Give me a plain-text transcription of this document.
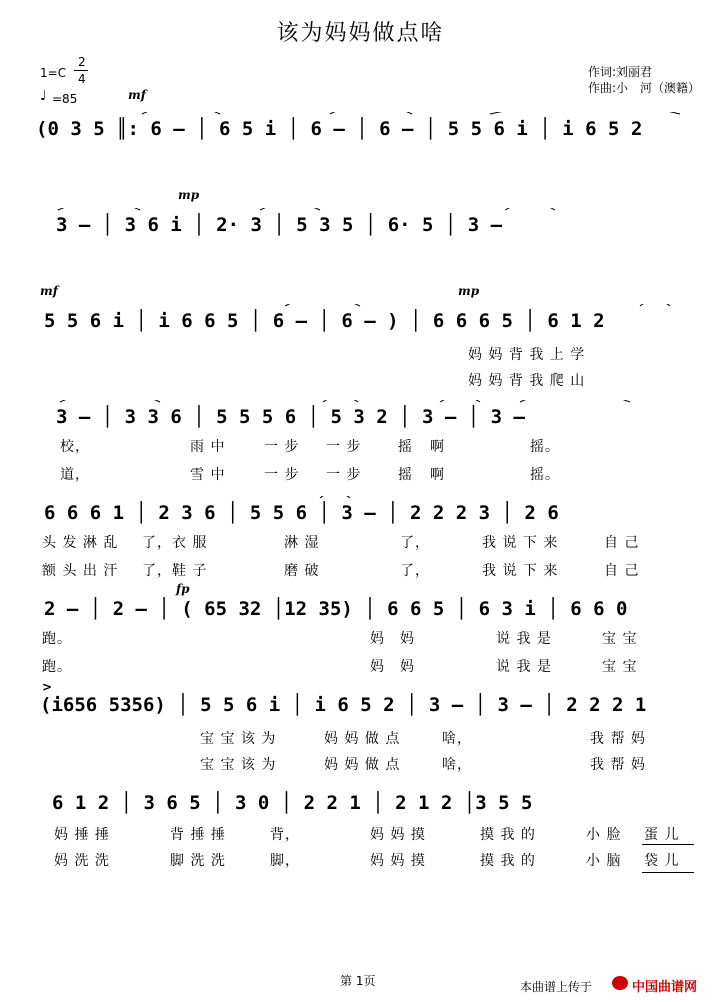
该为妈妈做点啥
1=C
2
4
♩ =85
作词:刘丽君
作曲:小　河（澳籍）
mf
(0 3 5 ║: 6 – │ 6 5 i │ 6 – │ 6 – │ 5 5 6 i │ i 6 5 2
mp
3 – │ 3 6 i │ 2· 3 │ 5 3 5 │ 6· 5 │ 3 –
mf	mp
5 5 6 i │ i 6 6 5 │ 6 – │ 6 – ) │ 6 6 6 5 │ 6 1 2
妈 妈 背 我 上 学
妈 妈 背 我 爬 山
3 – │ 3 3 6 │ 5 5 5 6 │ 5 3 2 │ 3 – │ 3 –
校，	雨 中	一 步 一 步	摇 啊	摇。
道，	雪 中	一 步 一 步	摇 啊	摇。
6 6 6 1 │ 2 3 6 │ 5 5 6 │ 3 – │ 2 2 2 3 │ 2 6
头 发 淋 乱 了，衣 服	淋 湿	了，	我 说 下 来	自 己
额 头 出 汗 了，鞋 子	磨 破	了，	我 说 下 来	自 己
fp
2 – │ 2 – │ ( 65 32 │12 35) │ 6 6 5 │ 6 3 i │ 6 6 0
跑。	妈　妈	说 我 是	宝 宝
跑。	妈　妈	说 我 是	宝 宝
>
(i656 5356) │ 5 5 6 i │ i 6 5 2 │ 3 – │ 3 – │ 2 2 2 1
宝 宝 该 为	妈 妈 做 点	啥，	我 帮 妈
宝 宝 该 为	妈 妈 做 点	啥，	我 帮 妈
6 1 2 │ 3 6 5 │ 3 0 │ 2 2 1 │ 2 1 2 │3 5 5
妈 捶 捶	背 捶 捶	背，	妈 妈 摸	摸 我 的	小 脸 蛋 儿
妈 洗 洗	脚 洗 洗	脚，	妈 妈 摸	摸 我 的	小 脑 袋 儿
第 1页	本曲谱上传于	中国曲谱网
